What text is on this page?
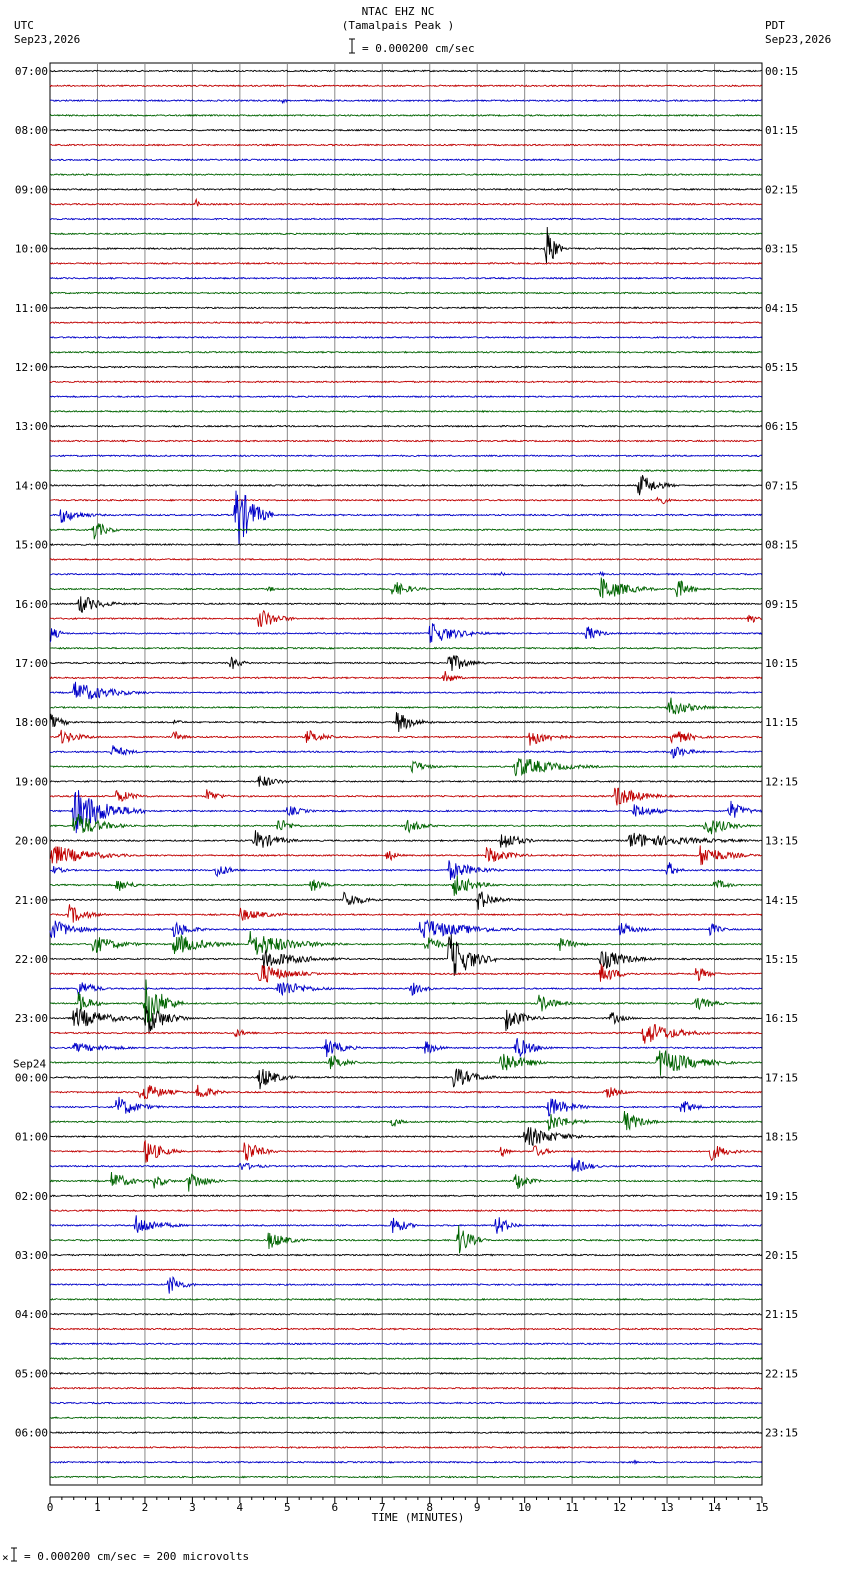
NTAC EHZ NC
(Tamalpais Peak )
= 0.000200 cm/sec
UTC
Sep23,2026
PDT
Sep23,2026
07:00
08:00
09:00
10:00
11:00
12:00
13:00
14:00
15:00
16:00
17:00
18:00
19:00
20:00
21:00
22:00
23:00
00:00
Sep24
01:00
02:00
03:00
04:00
05:00
06:00
00:15
01:15
02:15
03:15
04:15
05:15
06:15
07:15
08:15
09:15
10:15
11:15
12:15
13:15
14:15
15:15
16:15
17:15
18:15
19:15
20:15
21:15
22:15
23:15
0	1	2	3	4	5	6	7	8	9	10	11	12	13	14	15
TIME (MINUTES)
× = 0.000200 cm/sec = 200 microvolts
